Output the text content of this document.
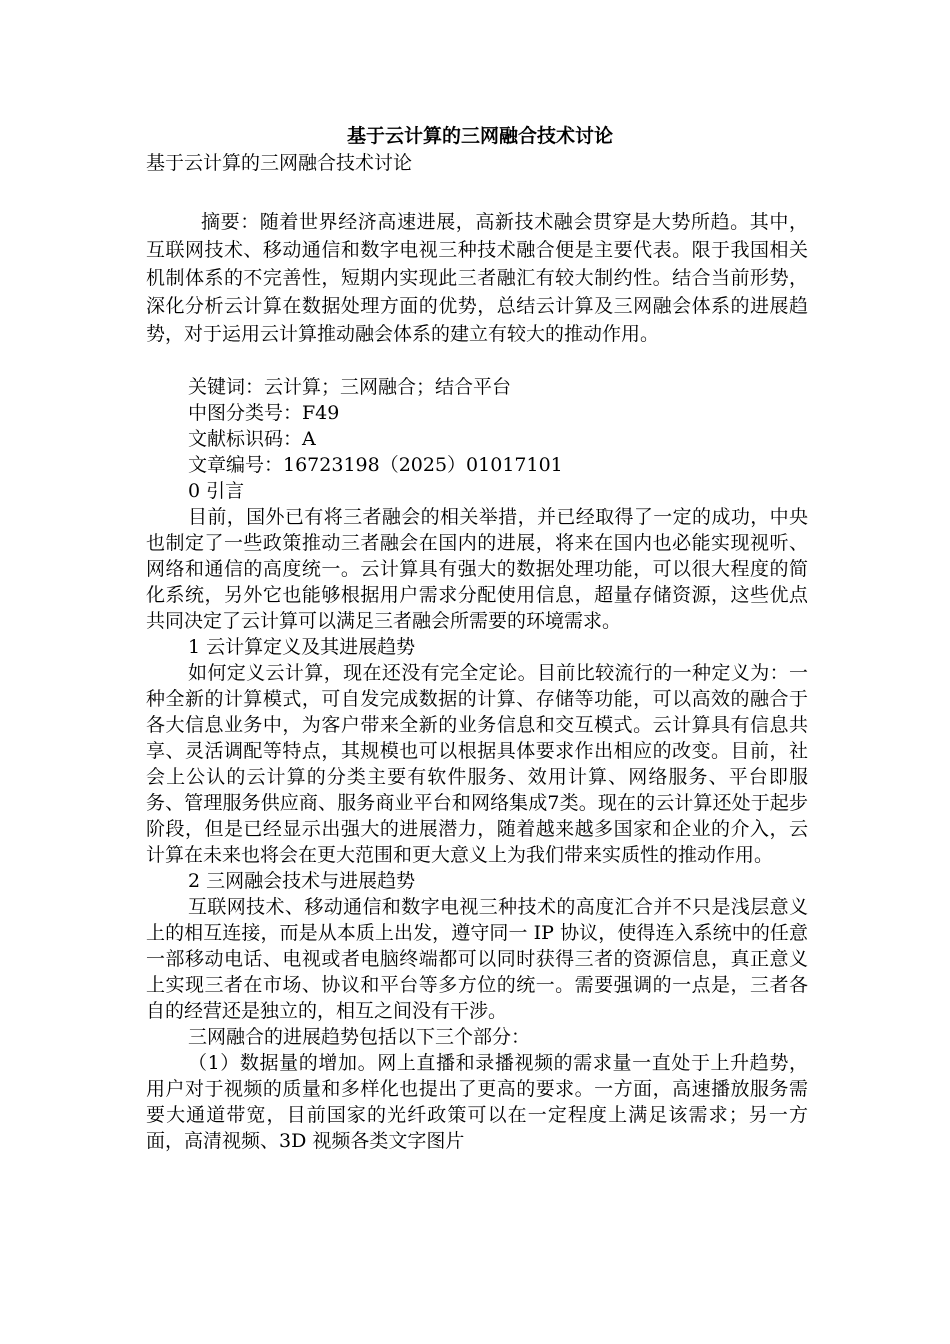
基于云计算的三网融合技术讨论

基于云计算的三网融合技术讨论

摘要：随着世界经济高速进展，高新技术融会贯穿是大势所趋。其中，互联网技术、移动通信和数字电视三种技术融合便是主要代表。限于我国相关机制体系的不完善性，短期内实现此三者融汇有较大制约性。结合当前形势，深化分析云计算在数据处理方面的优势，总结云计算及三网融会体系的进展趋势，对于运用云计算推动融会体系的建立有较大的推动作用。

关键词：云计算；三网融合；结合平台

中图分类号：F49

文献标识码：A

文章编号：16723198（2025）01017101

0 引言

目前，国外已有将三者融会的相关举措，并已经取得了一定的成功，中央也制定了一些政策推动三者融会在国内的进展，将来在国内也必能实现视听、网络和通信的高度统一。云计算具有强大的数据处理功能，可以很大程度的简化系统，另外它也能够根据用户需求分配使用信息，超量存储资源，这些优点共同决定了云计算可以满足三者融会所需要的环境需求。

1 云计算定义及其进展趋势

如何定义云计算，现在还没有完全定论。目前比较流行的一种定义为：一种全新的计算模式，可自发完成数据的计算、存储等功能，可以高效的融合于各大信息业务中，为客户带来全新的业务信息和交互模式。云计算具有信息共享、灵活调配等特点，其规模也可以根据具体要求作出相应的改变。目前，社会上公认的云计算的分类主要有软件服务、效用计算、网络服务、平台即服务、管理服务供应商、服务商业平台和网络集成7类。现在的云计算还处于起步阶段，但是已经显示出强大的进展潜力，随着越来越多国家和企业的介入，云计算在未来也将会在更大范围和更大意义上为我们带来实质性的推动作用。

2 三网融会技术与进展趋势

互联网技术、移动通信和数字电视三种技术的高度汇合并不只是浅层意义上的相互连接，而是从本质上出发，遵守同一 IP 协议，使得连入系统中的任意一部移动电话、电视或者电脑终端都可以同时获得三者的资源信息，真正意义上实现三者在市场、协议和平台等多方位的统一。需要强调的一点是，三者各自的经营还是独立的，相互之间没有干涉。

三网融合的进展趋势包括以下三个部分：

（1）数据量的增加。网上直播和录播视频的需求量一直处于上升趋势，用户对于视频的质量和多样化也提出了更高的要求。一方面，高速播放服务需要大通道带宽，目前国家的光纤政策可以在一定程度上满足该需求；另一方面，高清视频、3D 视频各类文字图片
